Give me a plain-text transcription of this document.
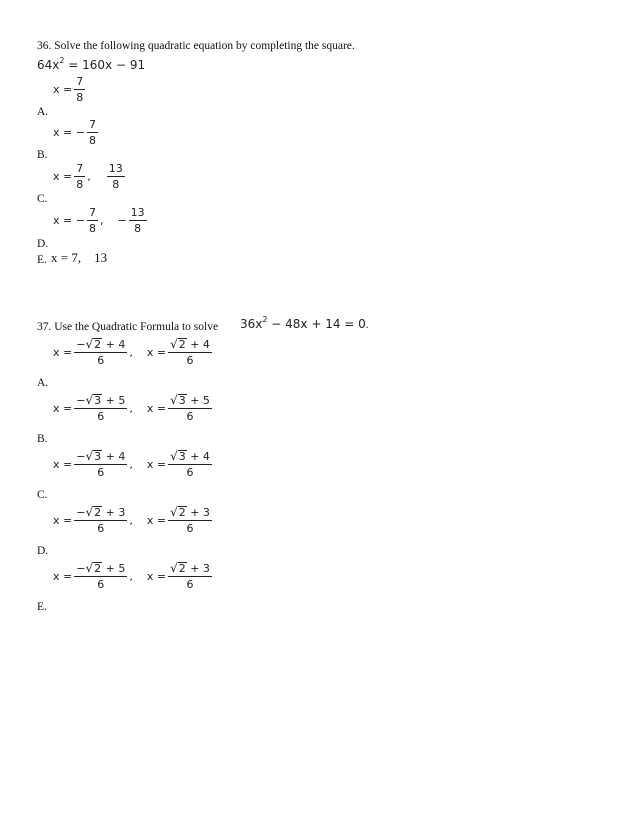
36. Solve the following quadratic equation by completing the square.
$64x^2 = 160x - 91$
$x = \frac{7}{8}$
A.
x = − $\frac{7}{8}$
B.
$x = \frac{7}{8}$ , $\frac{13}{8}$
C.
x = − $\frac{7}{8}$ , − $\frac{13}{8}$
D.
E. x = 7,    13
37. Use the Quadratic Formula to solve $36x^2 - 48x + 14 = 0$.
$x = \frac{- √ 2 + 4}{6}$ , $x = \frac{√ 2 + 4}{6}$
A.
$x = \frac{- √ 3 + 5}{6}$ , $x = \frac{√ 3 + 5}{6}$
B.
$x = \frac{- √ 3 + 4}{6}$ , $x = \frac{√ 3 + 4}{6}$
C.
$x = \frac{- √ 2 + 3}{6}$ , $x = \frac{√ 2 + 3}{6}$
D.
$x = \frac{- √ 2 + 5}{6}$ , $x = \frac{√ 2 + 3}{6}$
E.
